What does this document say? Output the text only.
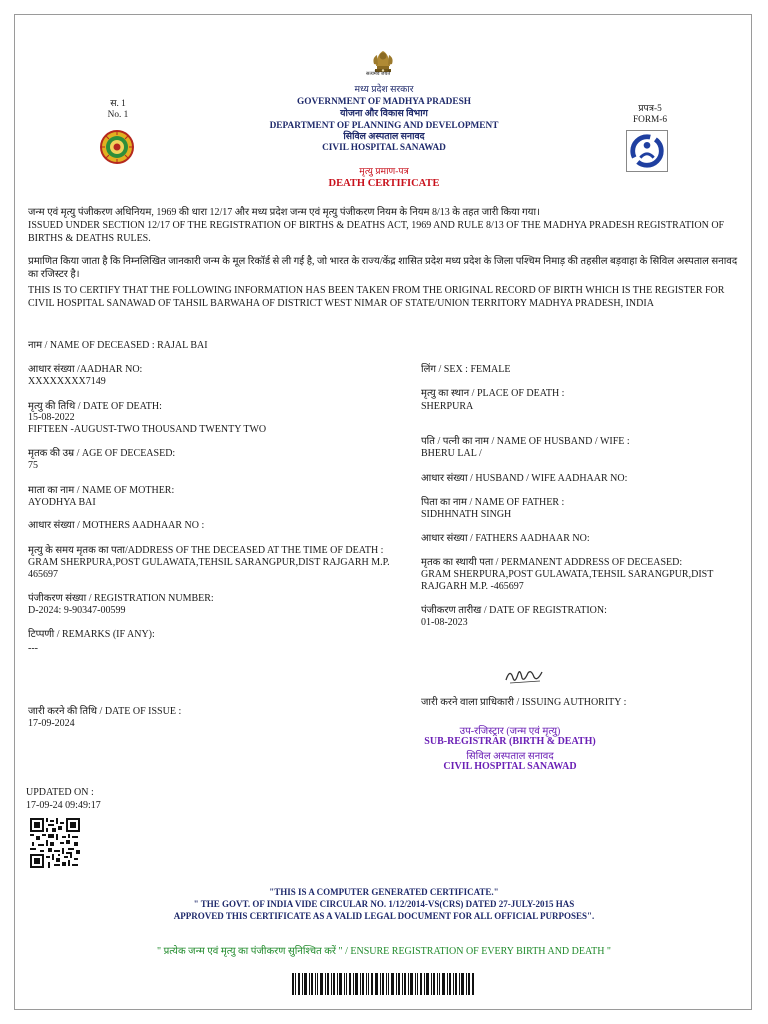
सत्यमेव जयते
स. 1
No. 1
प्रपत्र-5
FORM-6
मध्य प्रदेश सरकार
GOVERNMENT OF MADHYA PRADESH
योजना और विकास विभाग
DEPARTMENT OF PLANNING AND DEVELOPMENT
सिविल अस्पताल सनावद
CIVIL HOSPITAL SANAWAD
मृत्यु प्रमाण-पत्र
DEATH CERTIFICATE
जन्म एवं मृत्यु पंजीकरण अधिनियम, 1969 की धारा 12/17 और मध्य प्रदेश जन्म एवं मृत्यु पंजीकरण नियम के नियम 8/13 के तहत जारी किया गया।
ISSUED UNDER SECTION 12/17 OF THE REGISTRATION OF BIRTHS & DEATHS ACT, 1969 AND RULE 8/13 OF THE MADHYA PRADESH REGISTRATION OF BIRTHS & DEATHS RULES.
प्रमाणित किया जाता है कि निम्नलिखित जानकारी जन्म के मूल रिकॉर्ड से ली गई है, जो भारत के राज्य/केंद्र शासित प्रदेश मध्य प्रदेश के जिला पश्चिम निमाड़ की तहसील बड़वाहा के सिविल अस्पताल सनावद का रजिस्टर है।
THIS IS TO CERTIFY THAT THE FOLLOWING INFORMATION HAS BEEN TAKEN FROM THE ORIGINAL RECORD OF BIRTH WHICH IS THE REGISTER FOR CIVIL HOSPITAL SANAWAD OF TAHSIL BARWAHA OF DISTRICT WEST NIMAR OF STATE/UNION TERRITORY MADHYA PRADESH, INDIA
नाम / NAME OF DECEASED : RAJAL BAI
आधार संख्या /AADHAR NO:
XXXXXXXX7149
मृत्यु की तिथि / DATE OF DEATH:
15-08-2022
FIFTEEN -AUGUST-TWO THOUSAND TWENTY TWO
मृतक की उम्र / AGE OF DECEASED:
75
माता का नाम / NAME OF MOTHER:
AYODHYA BAI
आधार संख्या / MOTHERS AADHAAR NO :
मृत्यु के समय मृतक का पता/ADDRESS OF THE DECEASED AT THE TIME OF DEATH :
GRAM SHERPURA,POST GULAWATA,TEHSIL SARANGPUR,DIST RAJGARH M.P.
465697
पंजीकरण संख्या / REGISTRATION NUMBER:
D-2024: 9-90347-00599
टिप्पणी / REMARKS (IF ANY):
---
लिंग / SEX : FEMALE
मृत्यु का स्थान / PLACE OF DEATH :
SHERPURA
पति / पत्नी का नाम / NAME OF HUSBAND / WIFE :
BHERU LAL /
आधार संख्या / HUSBAND / WIFE AADHAAR NO:
पिता का नाम / NAME OF FATHER :
SIDHHNATH SINGH
आधार संख्या / FATHERS AADHAAR NO:
मृतक का स्थायी पता / PERMANENT ADDRESS OF DECEASED:
GRAM SHERPURA,POST GULAWATA,TEHSIL SARANGPUR,DIST
RAJGARH M.P. -465697
पंजीकरण तारीख / DATE OF REGISTRATION:
01-08-2023
जारी करने वाला प्राधिकारी / ISSUING AUTHORITY :
जारी करने की तिथि / DATE OF ISSUE :
17-09-2024
उप-रजिस्ट्रार (जन्म एवं मृत्यु)
SUB-REGISTRAR (BIRTH & DEATH)
सिविल अस्पताल सनावद
CIVIL HOSPITAL SANAWAD
UPDATED ON :
17-09-24 09:49:17
"THIS IS A COMPUTER GENERATED CERTIFICATE."
" THE GOVT. OF INDIA VIDE CIRCULAR NO. 1/12/2014-VS(CRS) DATED 27-JULY-2015 HAS
APPROVED THIS CERTIFICATE AS A VALID LEGAL DOCUMENT FOR ALL OFFICIAL PURPOSES".
" प्रत्येक जन्म एवं मृत्यु का पंजीकरण सुनिश्चित करें " / ENSURE REGISTRATION OF EVERY BIRTH AND DEATH "
